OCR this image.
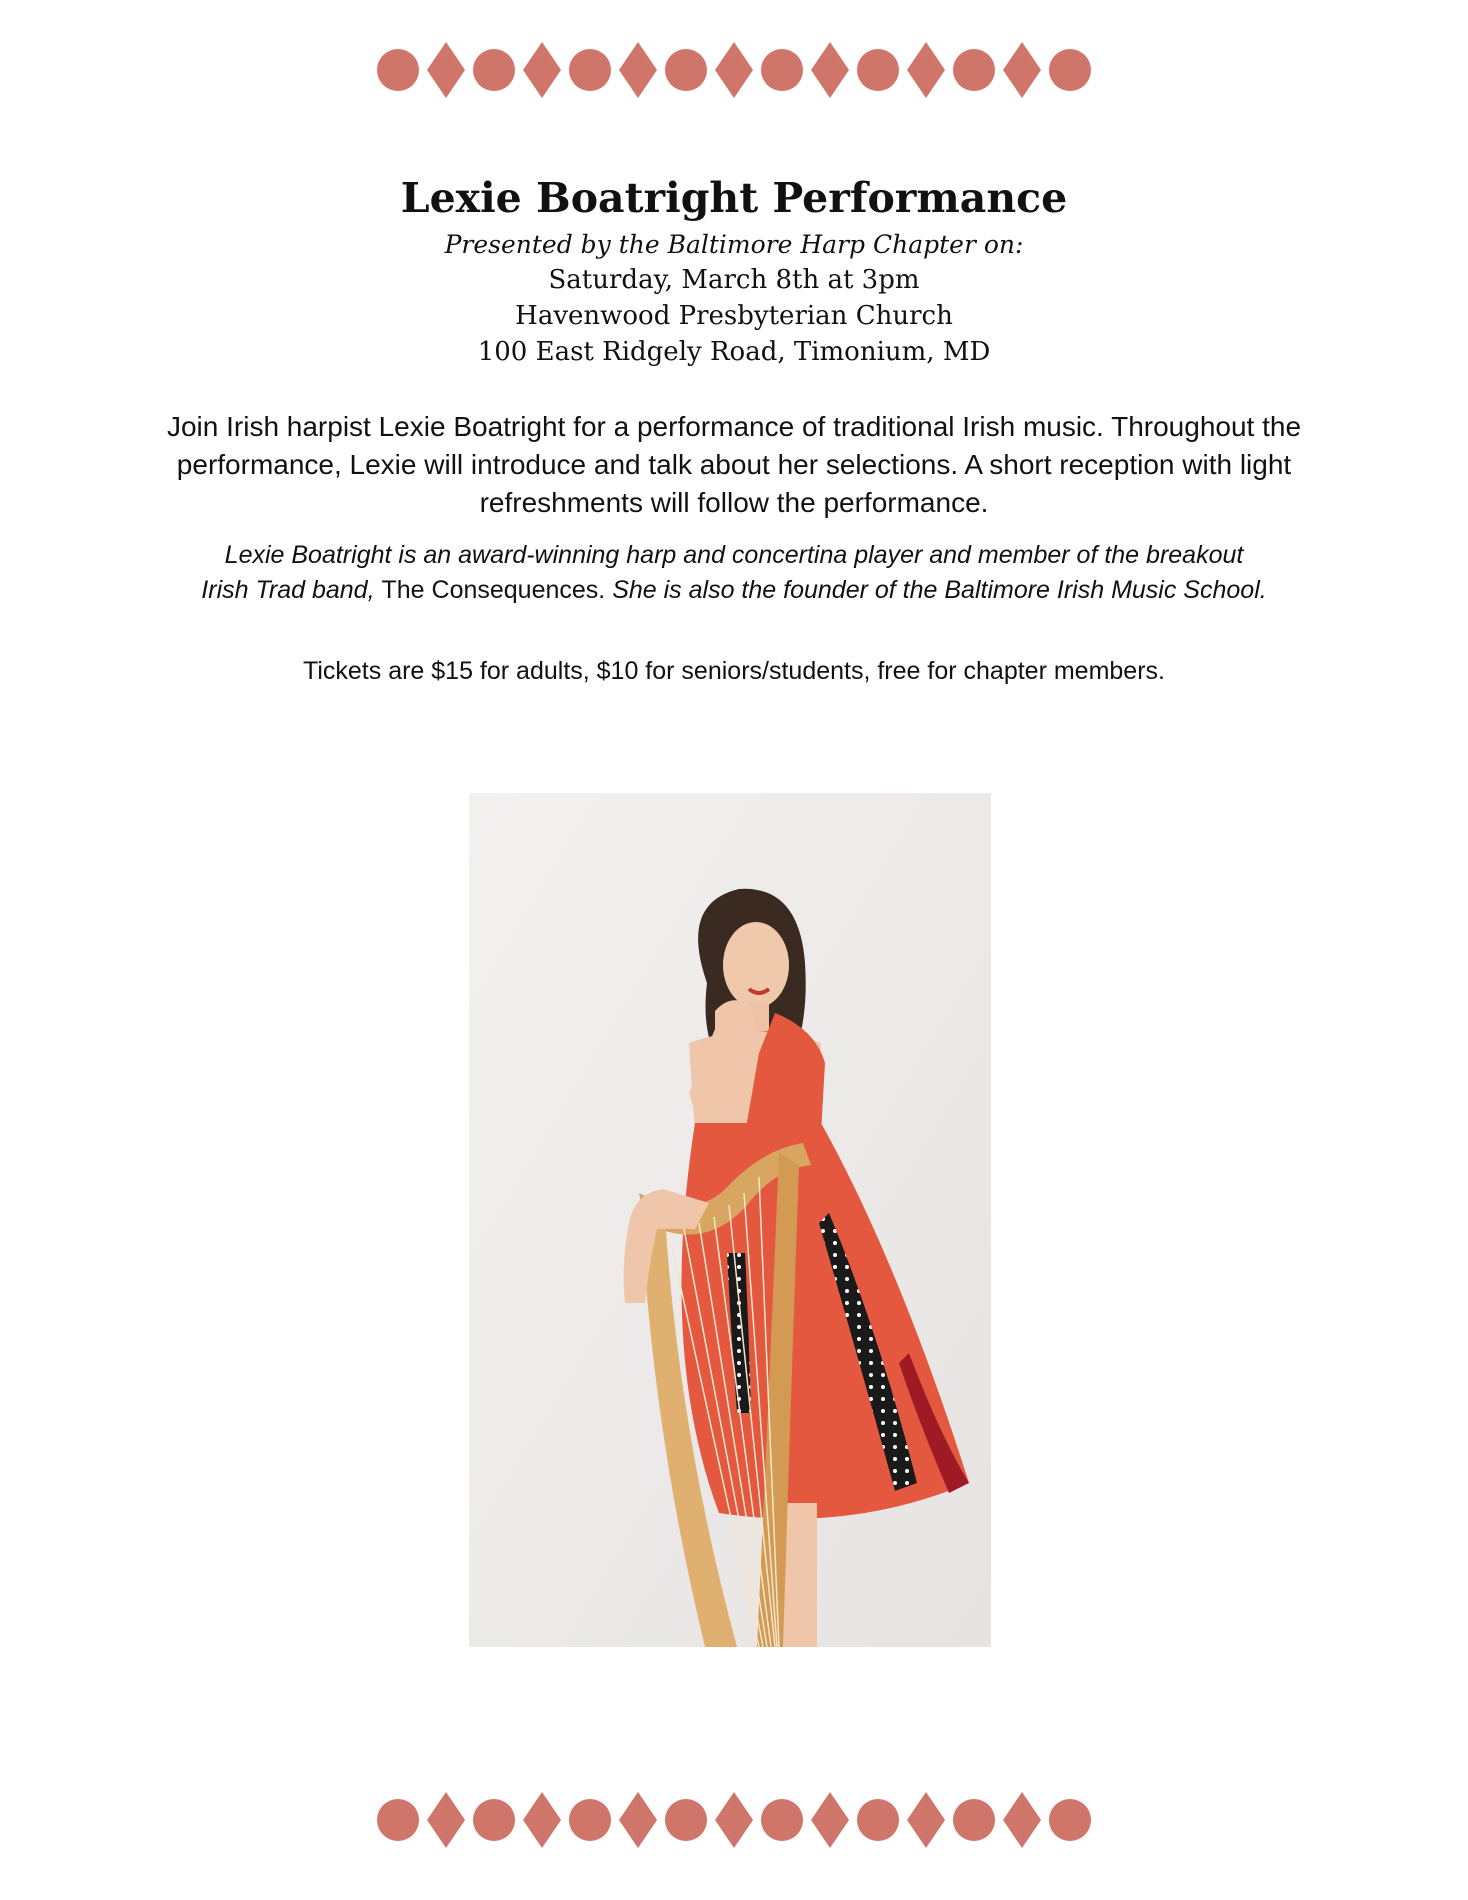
Lexie Boatright Performance

Presented by the Baltimore Harp Chapter on:

Saturday, March 8th at 3pm

Havenwood Presbyterian Church

100 East Ridgely Road, Timonium, MD

Join Irish harpist Lexie Boatright for a performance of traditional Irish music. Throughout the performance, Lexie will introduce and talk about her selections. A short reception with light refreshments will follow the performance.

Lexie Boatright is an award-winning harp and concertina player and member of the breakout Irish Trad band, The Consequences. She is also the founder of the Baltimore Irish Music School.

Tickets are $15 for adults, $10 for seniors/students, free for chapter members.
